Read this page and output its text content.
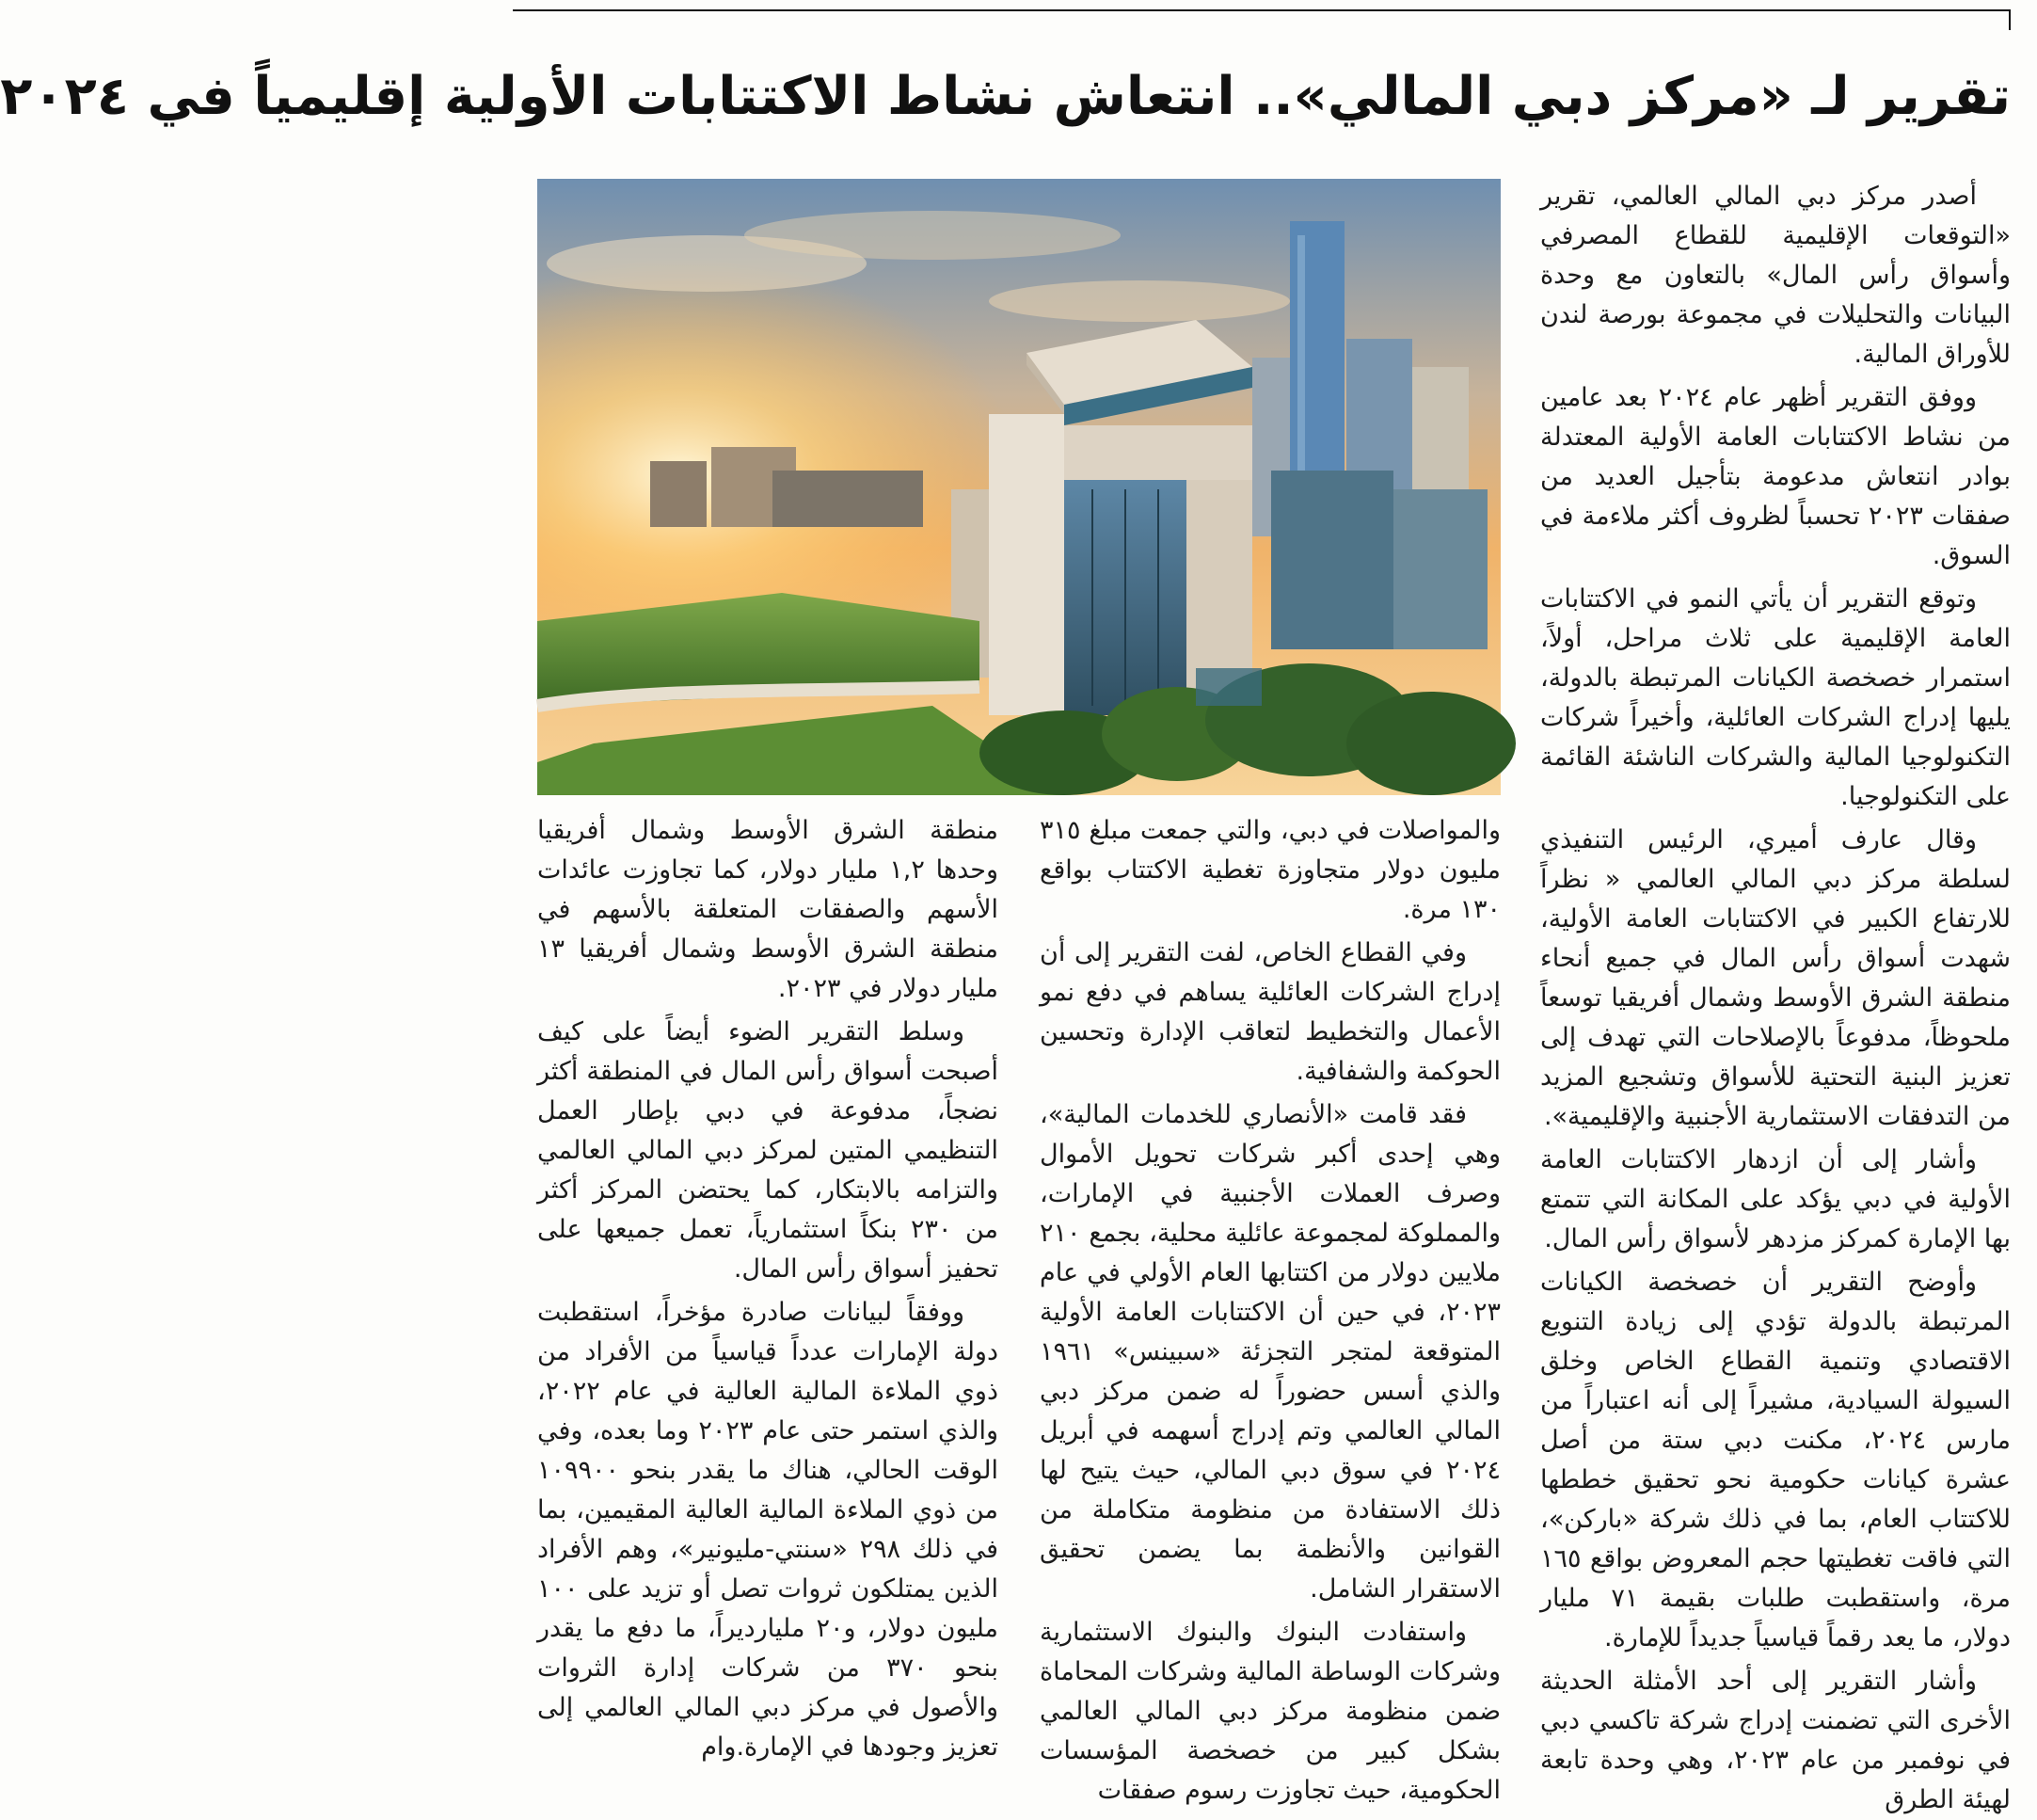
تقرير لـ «مركز دبي المالي».. انتعاش نشاط الاكتتابات الأولية إقليمياً في ٢٠٢٤

أصدر مركز دبي المالي العالمي، تقرير «التوقعات الإقليمية للقطاع المصرفي وأسواق رأس المال» بالتعاون مع وحدة البيانات والتحليلات في مجموعة بورصة لندن للأوراق المالية.

ووفق التقرير أظهر عام ٢٠٢٤ بعد عامين من نشاط الاكتتابات العامة الأولية المعتدلة بوادر انتعاش مدعومة بتأجيل العديد من صفقات ٢٠٢٣ تحسباً لظروف أكثر ملاءمة في السوق.

وتوقع التقرير أن يأتي النمو في الاكتتابات العامة الإقليمية على ثلاث مراحل، أولاً، استمرار خصخصة الكيانات المرتبطة بالدولة، يليها إدراج الشركات العائلية، وأخيراً شركات التكنولوجيا المالية والشركات الناشئة القائمة على التكنولوجيا.

وقال عارف أميري، الرئيس التنفيذي لسلطة مركز دبي المالي العالمي « نظراً للارتفاع الكبير في الاكتتابات العامة الأولية، شهدت أسواق رأس المال في جميع أنحاء منطقة الشرق الأوسط وشمال أفريقيا توسعاً ملحوظاً، مدفوعاً بالإصلاحات التي تهدف إلى تعزيز البنية التحتية للأسواق وتشجيع المزيد من التدفقات الاستثمارية الأجنبية والإقليمية».

وأشار إلى أن ازدهار الاكتتابات العامة الأولية في دبي يؤكد على المكانة التي تتمتع بها الإمارة كمركز مزدهر لأسواق رأس المال.

وأوضح التقرير أن خصخصة الكيانات المرتبطة بالدولة تؤدي إلى زيادة التنويع الاقتصادي وتنمية القطاع الخاص وخلق السيولة السيادية، مشيراً إلى أنه اعتباراً من مارس ٢٠٢٤، مكنت دبي ستة من أصل عشرة كيانات حكومية نحو تحقيق خططها للاكتتاب العام، بما في ذلك شركة «باركن»، التي فاقت تغطيتها حجم المعروض بواقع ١٦٥ مرة، واستقطبت طلبات بقيمة ٧١ مليار دولار، ما يعد رقماً قياسياً جديداً للإمارة.

وأشار التقرير إلى أحد الأمثلة الحديثة الأخرى التي تضمنت إدراج شركة تاكسي دبي في نوفمبر من عام ٢٠٢٣، وهي وحدة تابعة لهيئة الطرق

والمواصلات في دبي، والتي جمعت مبلغ ٣١٥ مليون دولار متجاوزة تغطية الاكتتاب بواقع ١٣٠ مرة.

وفي القطاع الخاص، لفت التقرير إلى أن إدراج الشركات العائلية يساهم في دفع نمو الأعمال والتخطيط لتعاقب الإدارة وتحسين الحوكمة والشفافية.

فقد قامت «الأنصاري للخدمات المالية»، وهي إحدى أكبر شركات تحويل الأموال وصرف العملات الأجنبية في الإمارات، والمملوكة لمجموعة عائلية محلية، بجمع ٢١٠ ملايين دولار من اكتتابها العام الأولي في عام ٢٠٢٣، في حين أن الاكتتابات العامة الأولية المتوقعة لمتجر التجزئة «سبينس» ١٩٦١ والذي أسس حضوراً له ضمن مركز دبي المالي العالمي وتم إدراج أسهمه في أبريل ٢٠٢٤ في سوق دبي المالي، حيث يتيح لها ذلك الاستفادة من منظومة متكاملة من القوانين والأنظمة بما يضمن تحقيق الاستقرار الشامل.

واستفادت البنوك والبنوك الاستثمارية وشركات الوساطة المالية وشركات المحاماة ضمن منظومة مركز دبي المالي العالمي بشكل كبير من خصخصة المؤسسات الحكومية، حيث تجاوزت رسوم صفقات

منطقة الشرق الأوسط وشمال أفريقيا وحدها ١,٢ مليار دولار، كما تجاوزت عائدات الأسهم والصفقات المتعلقة بالأسهم في منطقة الشرق الأوسط وشمال أفريقيا ١٣ مليار دولار في ٢٠٢٣.

وسلط التقرير الضوء أيضاً على كيف أصبحت أسواق رأس المال في المنطقة أكثر نضجاً، مدفوعة في دبي بإطار العمل التنظيمي المتين لمركز دبي المالي العالمي والتزامه بالابتكار، كما يحتضن المركز أكثر من ٢٣٠ بنكاً استثمارياً، تعمل جميعها على تحفيز أسواق رأس المال.

ووفقاً لبيانات صادرة مؤخراً، استقطبت دولة الإمارات عدداً قياسياً من الأفراد من ذوي الملاءة المالية العالية في عام ٢٠٢٢، والذي استمر حتى عام ٢٠٢٣ وما بعده، وفي الوقت الحالي، هناك ما يقدر بنحو ١٠٩٩٠٠ من ذوي الملاءة المالية العالية المقيمين، بما في ذلك ٢٩٨ «سنتي-مليونير»، وهم الأفراد الذين يمتلكون ثروات تصل أو تزيد على ١٠٠ مليون دولار، و٢٠ مليارديراً، ما دفع ما يقدر بنحو ٣٧٠ من شركات إدارة الثروات والأصول في مركز دبي المالي العالمي إلى تعزيز وجودها في الإمارة.وام
